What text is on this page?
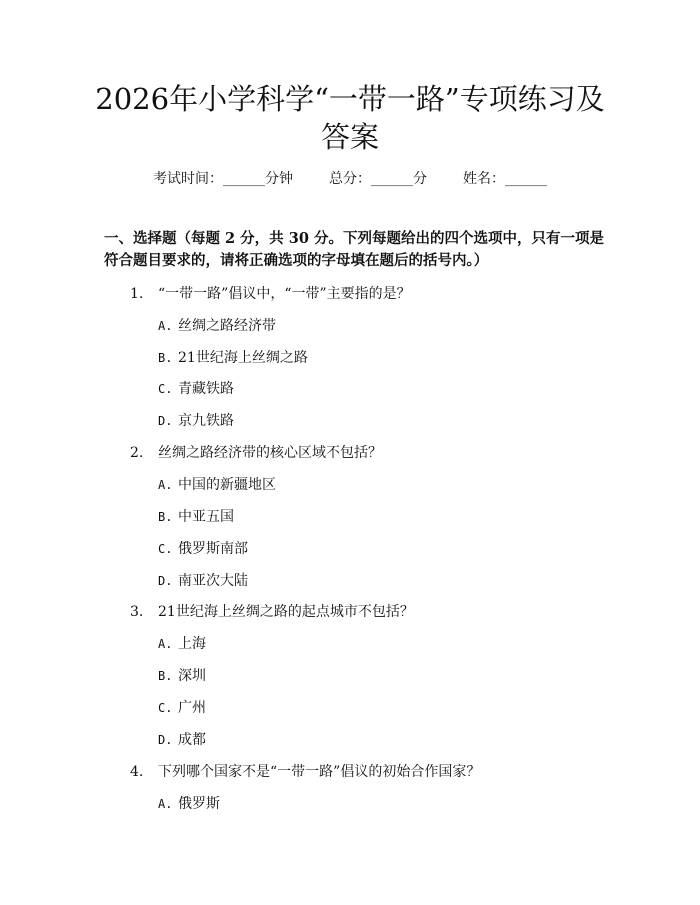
2026年小学科学“一带一路”专项练习及答案
考试时间：______分钟	总分：______分	姓名：______
一、选择题（每题 2 分，共 30 分。下列每题给出的四个选项中，只有一项是符合题目要求的，请将正确选项的字母填在题后的括号内。）
1. “一带一路”倡议中，“一带”主要指的是？
A. 丝绸之路经济带
B. 21世纪海上丝绸之路
C. 青藏铁路
D. 京九铁路
2. 丝绸之路经济带的核心区域不包括？
A. 中国的新疆地区
B. 中亚五国
C. 俄罗斯南部
D. 南亚次大陆
3. 21世纪海上丝绸之路的起点城市不包括？
A. 上海
B. 深圳
C. 广州
D. 成都
4. 下列哪个国家不是“一带一路”倡议的初始合作国家？
A. 俄罗斯
